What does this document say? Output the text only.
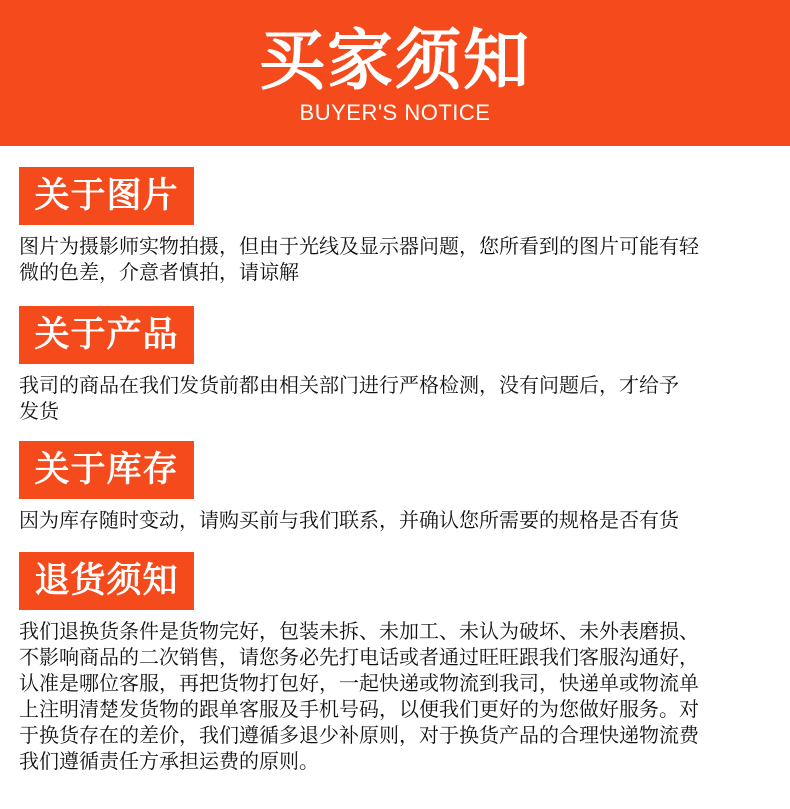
买家须知
BUYER'S NOTICE
关于图片
图片为摄影师实物拍摄，但由于光线及显示器问题，您所看到的图片可能有轻
微的色差，介意者慎拍，请谅解
关于产品
我司的商品在我们发货前都由相关部门进行严格检测，没有问题后，才给予
发货
关于库存
因为库存随时变动，请购买前与我们联系，并确认您所需要的规格是否有货
退货须知
我们退换货条件是货物完好，包装未拆、未加工、未认为破坏、未外表磨损、
不影响商品的二次销售，请您务必先打电话或者通过旺旺跟我们客服沟通好，
认准是哪位客服，再把货物打包好，一起快递或物流到我司，快递单或物流单
上注明清楚发货物的跟单客服及手机号码，以便我们更好的为您做好服务。对
于换货存在的差价，我们遵循多退少补原则，对于换货产品的合理快递物流费
我们遵循责任方承担运费的原则。
